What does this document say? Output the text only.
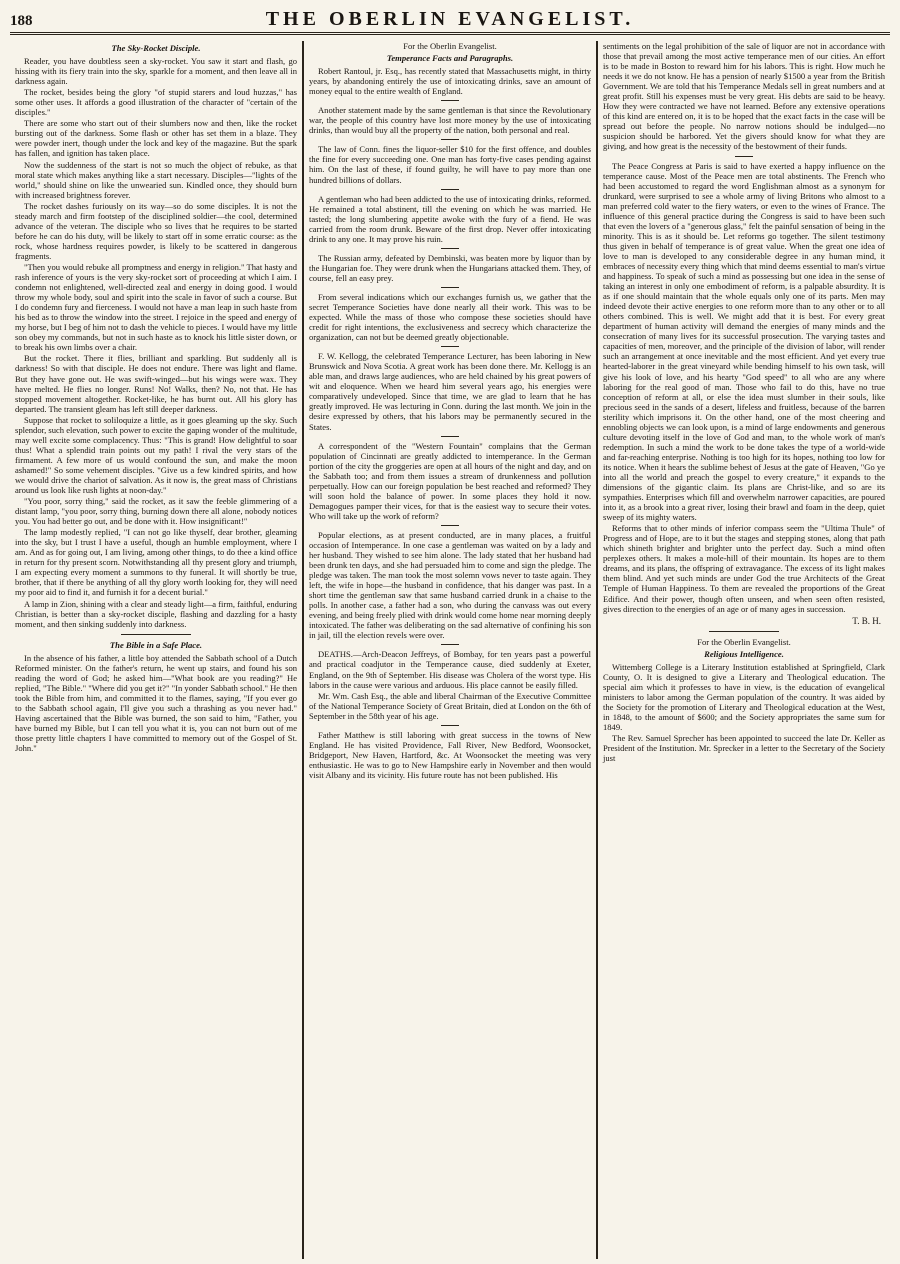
188	THE OBERLIN EVANGELIST.
The Sky-Rocket Disciple.

Reader, you have doubtless seen a sky-rocket. You saw it start and flash, go hissing with its fiery train into the sky, sparkle for a moment, and then leave all in darkness again.

The rocket, besides being the glory "of stupid starers and loud huzzas," has some other uses. It affords a good illustration of the character of "certain of the disciples."

There are some who start out of their slumbers now and then, like the rocket bursting out of the darkness. Some flash or other has set them in a blaze. They were powder inert, though under the lock and key of the magazine. But the spark has fallen, and ignition has taken place.

Now the suddenness of the start is not so much the object of rebuke, as that moral state which makes anything like a start necessary. Disciples—"lights of the world," should shine on like the unwearied sun. Kindled once, they should burn with increased brightness forever.

The rocket dashes furiously on its way—so do some disciples. It is not the steady march and firm footstep of the disciplined soldier—the cool, determined advance of the veteran. The disciple who so lives that he requires to be started before he can do his duty, will be likely to start off in some erratic course: as the rock, whose hardness requires powder, is likely to be scattered in dangerous fragments.

"Then you would rebuke all promptness and energy in religion." That hasty and rash inference of yours is the very sky-rocket sort of proceeding at which I aim. I condemn not enlightened, well-directed zeal and energy in doing good. I would throw my whole body, soul and spirit into the scale in favor of such a course. But I do condemn fury and fierceness. I would not have a man leap in such haste from his bed as to throw the window into the street. I rejoice in the speed and energy of my horse, but I beg of him not to dash the vehicle to pieces. I would have my little son obey my commands, but not in such haste as to knock his little sister down, or to break his own limbs over a chair.

But the rocket. There it flies, brilliant and sparkling. But suddenly all is darkness! So with that disciple. He does not endure. There was light and flame. But they have gone out. He was swift-winged—but his wings were wax. They have melted. He flies no longer. Runs! No! Walks, then? No, not that. He has stopped movement altogether. Rocket-like, he has burnt out. All his glory has departed. The transient gleam has left still deeper darkness.

Suppose that rocket to soliloquize a little, as it goes gleaming up the sky. Such splendor, such elevation, such power to excite the gaping wonder of the multitude, may well excite some complacency. Thus: "This is grand! How delightful to soar thus! What a splendid train points out my path! I rival the very stars of the firmament. A few more of us would confound the sun, and make the moon ashamed!" So some vehement disciples. "Give us a few kindred spirits, and how we would drive the chariot of salvation. As it now is, the great mass of Christians around us look like rush lights at noon-day."

"You poor, sorry thing," said the rocket, as it saw the feeble glimmering of a distant lamp, "you poor, sorry thing, burning down there all alone, nobody notices you. You had better go out, and be done with it. How insignificant!"

The lamp modestly replied, "I can not go like thyself, dear brother, gleaming into the sky, but I trust I have a useful, though an humble employment, where I am. And as for going out, I am living, among other things, to do thee a kind office in return for thy present scorn. Notwithstanding all thy present glory and triumph, I am expecting every moment a summons to thy funeral. It will shortly be true, brother, that if there be anything of all thy glory worth looking for, they will need my poor aid to find it, and furnish it for a decent burial."

A lamp in Zion, shining with a clear and steady light—a firm, faithful, enduring Christian, is better than a sky-rocket disciple, flashing and dazzling for a hasty moment, and then sinking suddenly into darkness.

The Bible in a Safe Place.

In the absence of his father, a little boy attended the Sabbath school of a Dutch Reformed minister. On the father's return, he went up stairs, and found his son reading the word of God; he asked him—"What book are you reading?" He replied, "The Bible." "Where did you get it?" "In yonder Sabbath school." He then took the Bible from him, and committed it to the flames, saying, "If you ever go to the Sabbath school again, I'll give you such a thrashing as you never had." Having ascertained that the Bible was burned, the son said to him, "Father, you have burned my Bible, but I can tell you what it is, you can not burn out of me those pretty little chapters I have committed to memory out of the Gospel of St. John."

For the Oberlin Evangelist.
Temperance Facts and Paragraphs.

Robert Rantoul, jr. Esq., has recently stated that Massachusetts might, in thirty years, by abandoning entirely the use of intoxicating drinks, save an amount of money equal to the entire wealth of England.

Another statement made by the same gentleman is that since the Revolutionary war, the people of this country have lost more money by the use of intoxicating drinks, than would buy all the property of the nation, both personal and real.

The law of Conn. fines the liquor-seller $10 for the first offence, and doubles the fine for every succeeding one. One man has forty-five cases pending against him. On the last of these, if found guilty, he will have to pay more than one hundred billions of dollars.

A gentleman who had been addicted to the use of intoxicating drinks, reformed. He remained a total abstinent, till the evening on which he was married. He tasted; the long slumbering appetite awoke with the fury of a fiend. He was carried from the room drunk. Beware of the first drop. Never offer intoxicating drink to any one. It may prove his ruin.

The Russian army, defeated by Dembinski, was beaten more by liquor than by the Hungarian foe. They were drunk when the Hungarians attacked them. They, of course, fell an easy prey.

From several indications which our exchanges furnish us, we gather that the secret Temperance Societies have done nearly all their work. This was to be expected. While the mass of those who compose these societies should have credit for right intentions, the exclusiveness and secrecy which characterize the organization, can not but be deemed greatly objectionable.

F. W. Kellogg, the celebrated Temperance Lecturer, has been laboring in New Brunswick and Nova Scotia. A great work has been done there. Mr. Kellogg is an able man, and draws large audiences, who are held chained by his great powers of wit and eloquence. When we heard him several years ago, his energies were comparatively undeveloped. Since that time, we are glad to learn that he has greatly improved. He was lecturing in Conn. during the last month. We join in the desire expressed by others, that his labors may be permanently secured in the States.

A correspondent of the "Western Fountain" complains that the German population of Cincinnati are greatly addicted to intemperance. In the German portion of the city the groggeries are open at all hours of the night and day, and on the Sabbath too; and from them issues a stream of drunkenness and pollution perpetually. How can our foreign population be best reached and reformed? They will soon hold the balance of power. In some places they hold it now. Demagogues pamper their vices, for that is the easiest way to secure their votes. Who will take up the work of reform?

Popular elections, as at present conducted, are in many places, a fruitful occasion of Intemperance. In one case a gentleman was waited on by a lady and her husband. They wished to see him alone. The lady stated that her husband had been drunk ten days, and she had persuaded him to come and sign the pledge. The pledge was taken. The man took the most solemn vows never to taste again. They left, the wife in hope—the husband in confidence, that his danger was past. In a short time the gentleman saw that same husband carried drunk in a chaise to the polls. In another case, a father had a son, who during the canvass was out every evening, and being freely plied with drink would come home near morning deeply intoxicated. The father was deliberating on the sad alternative of confining his son in jail, till the election revels were over.

DEATHS.—Arch-Deacon Jeffreys, of Bombay, for ten years past a powerful and practical coadjutor in the Temperance cause, died suddenly at Exeter, England, on the 9th of September. His disease was Cholera of the worst type. His labors in the cause were various and arduous. His place cannot be easily filled.

Mr. Wm. Cash Esq., the able and liberal Chairman of the Executive Committee of the National Temperance Society of Great Britain, died at London on the 6th of September in the 58th year of his age.

Father Matthew is still laboring with great success in the towns of New England. He has visited Providence, Fall River, New Bedford, Woonsocket, Bridgeport, New Haven, Hartford, &c. At Woonsocket the meeting was very enthusiastic. He was to go to New Hampshire early in November and then would visit Albany and its vicinity. His future route has not been published. His

sentiments on the legal prohibition of the sale of liquor are not in accordance with those that prevail among the most active temperance men of our cities. An effort is to be made in Boston to reward him for his labors. This is right. How much he needs it we do not know. He has a pension of nearly $1500 a year from the British Government. We are told that his Temperance Medals sell in great numbers and at great profit. Still his expenses must be very great. His debts are said to be heavy. How they were contracted we have not learned. Before any extensive operations of this kind are entered on, it is to be hoped that the exact facts in the case will be spread out before the people. No narrow notions should be indulged—no suspicion should be harbored. Yet the givers should know for what they are giving, and how great is the necessity of the bestowment of their funds.

The Peace Congress at Paris is said to have exerted a happy influence on the temperance cause. Most of the Peace men are total abstinents. The French who had been accustomed to regard the word Englishman almost as a synonym for drunkard, were surprised to see a whole army of living Britons who almost to a man preferred cold water to the fiery waters, or even to the wines of France. The influence of this general practice during the Congress is said to have been such that even the lovers of a "generous glass," felt the painful sensation of being in the minority. This is as it should be. Let reforms go together. The silent testimony thus given in behalf of temperance is of great value. When the great one idea of love to man is developed to any considerable degree in any human mind, it embraces of necessity every thing which that mind deems essential to man's virtue and happiness. To speak of such a mind as possessing but one idea in the sense of taking an interest in only one embodiment of reform, is a palpable absurdity. It is as if one should maintain that the whole equals only one of its parts. Men may indeed devote their active energies to one reform more than to any other or to all others combined. This is well. We might add that it is best. For every great department of human activity will demand the energies of many minds and the consecration of many lives for its successful prosecution. The varying tastes and capacities of men, moreover, and the principle of the division of labor, will render such an arrangement at once inevitable and the most efficient. And yet every true hearted-laborer in the great vineyard while bending himself to his own task, will give his look of love, and his hearty "God speed" to all who are any where laboring for the real good of man. Those who fail to do this, have no true conception of reform at all, or else the idea must slumber in their souls, like precious seed in the sands of a desert, lifeless and fruitless, because of the barren sterility which imprisons it. On the other hand, one of the most cheering and ennobling objects we can look upon, is a mind of large endowments and generous culture devoting itself in the love of God and man, to the whole work of man's redemption. In such a mind the work to be done takes the type of a world-wide and far-reaching enterprise. Nothing is too high for its hopes, nothing too low for its notice. When it hears the sublime behest of Jesus at the gate of Heaven, "Go ye into all the world and preach the gospel to every creature," it expands to the dimensions of the gigantic claim. Its plans are Christ-like, and so are its sympathies. Enterprises which fill and overwhelm narrower capacities, are poured into it, as a brook into a great river, losing their brawl and foam in the deep, quiet sweep of its mighty waters.

Reforms that to other minds of inferior compass seem the "Ultima Thule" of Progress and of Hope, are to it but the stages and stepping stones, along that path which shineth brighter and brighter unto the perfect day. Such a mind often perplexes others. It makes a mole-hill of their mountain. Its hopes are to them dreams, and its plans, the offspring of extravagance. The excess of its light makes them blind. And yet such minds are under God the true Architects of the Great Temple of Human Happiness. To them are revealed the proportions of the Great Edifice. And their power, though often unseen, and when seen often resisted, gives direction to the energies of an age or of many ages in succession.

T. B. H.
For the Oberlin Evangelist.
Religious Intelligence.

Wittemberg College is a Literary Institution established at Springfield, Clark County, O. It is designed to give a Literary and Theological education. The special aim which it professes to have in view, is the education of evangelical ministers to labor among the German population of the country. It was aided by the Society for the promotion of Literary and Theological education at the West, in 1848, to the amount of $600; and the Society appropriates the same sum for 1849.

The Rev. Samuel Sprecher has been appointed to succeed the late Dr. Keller as President of the Institution. Mr. Sprecker in a letter to the Secretary of the Society just
